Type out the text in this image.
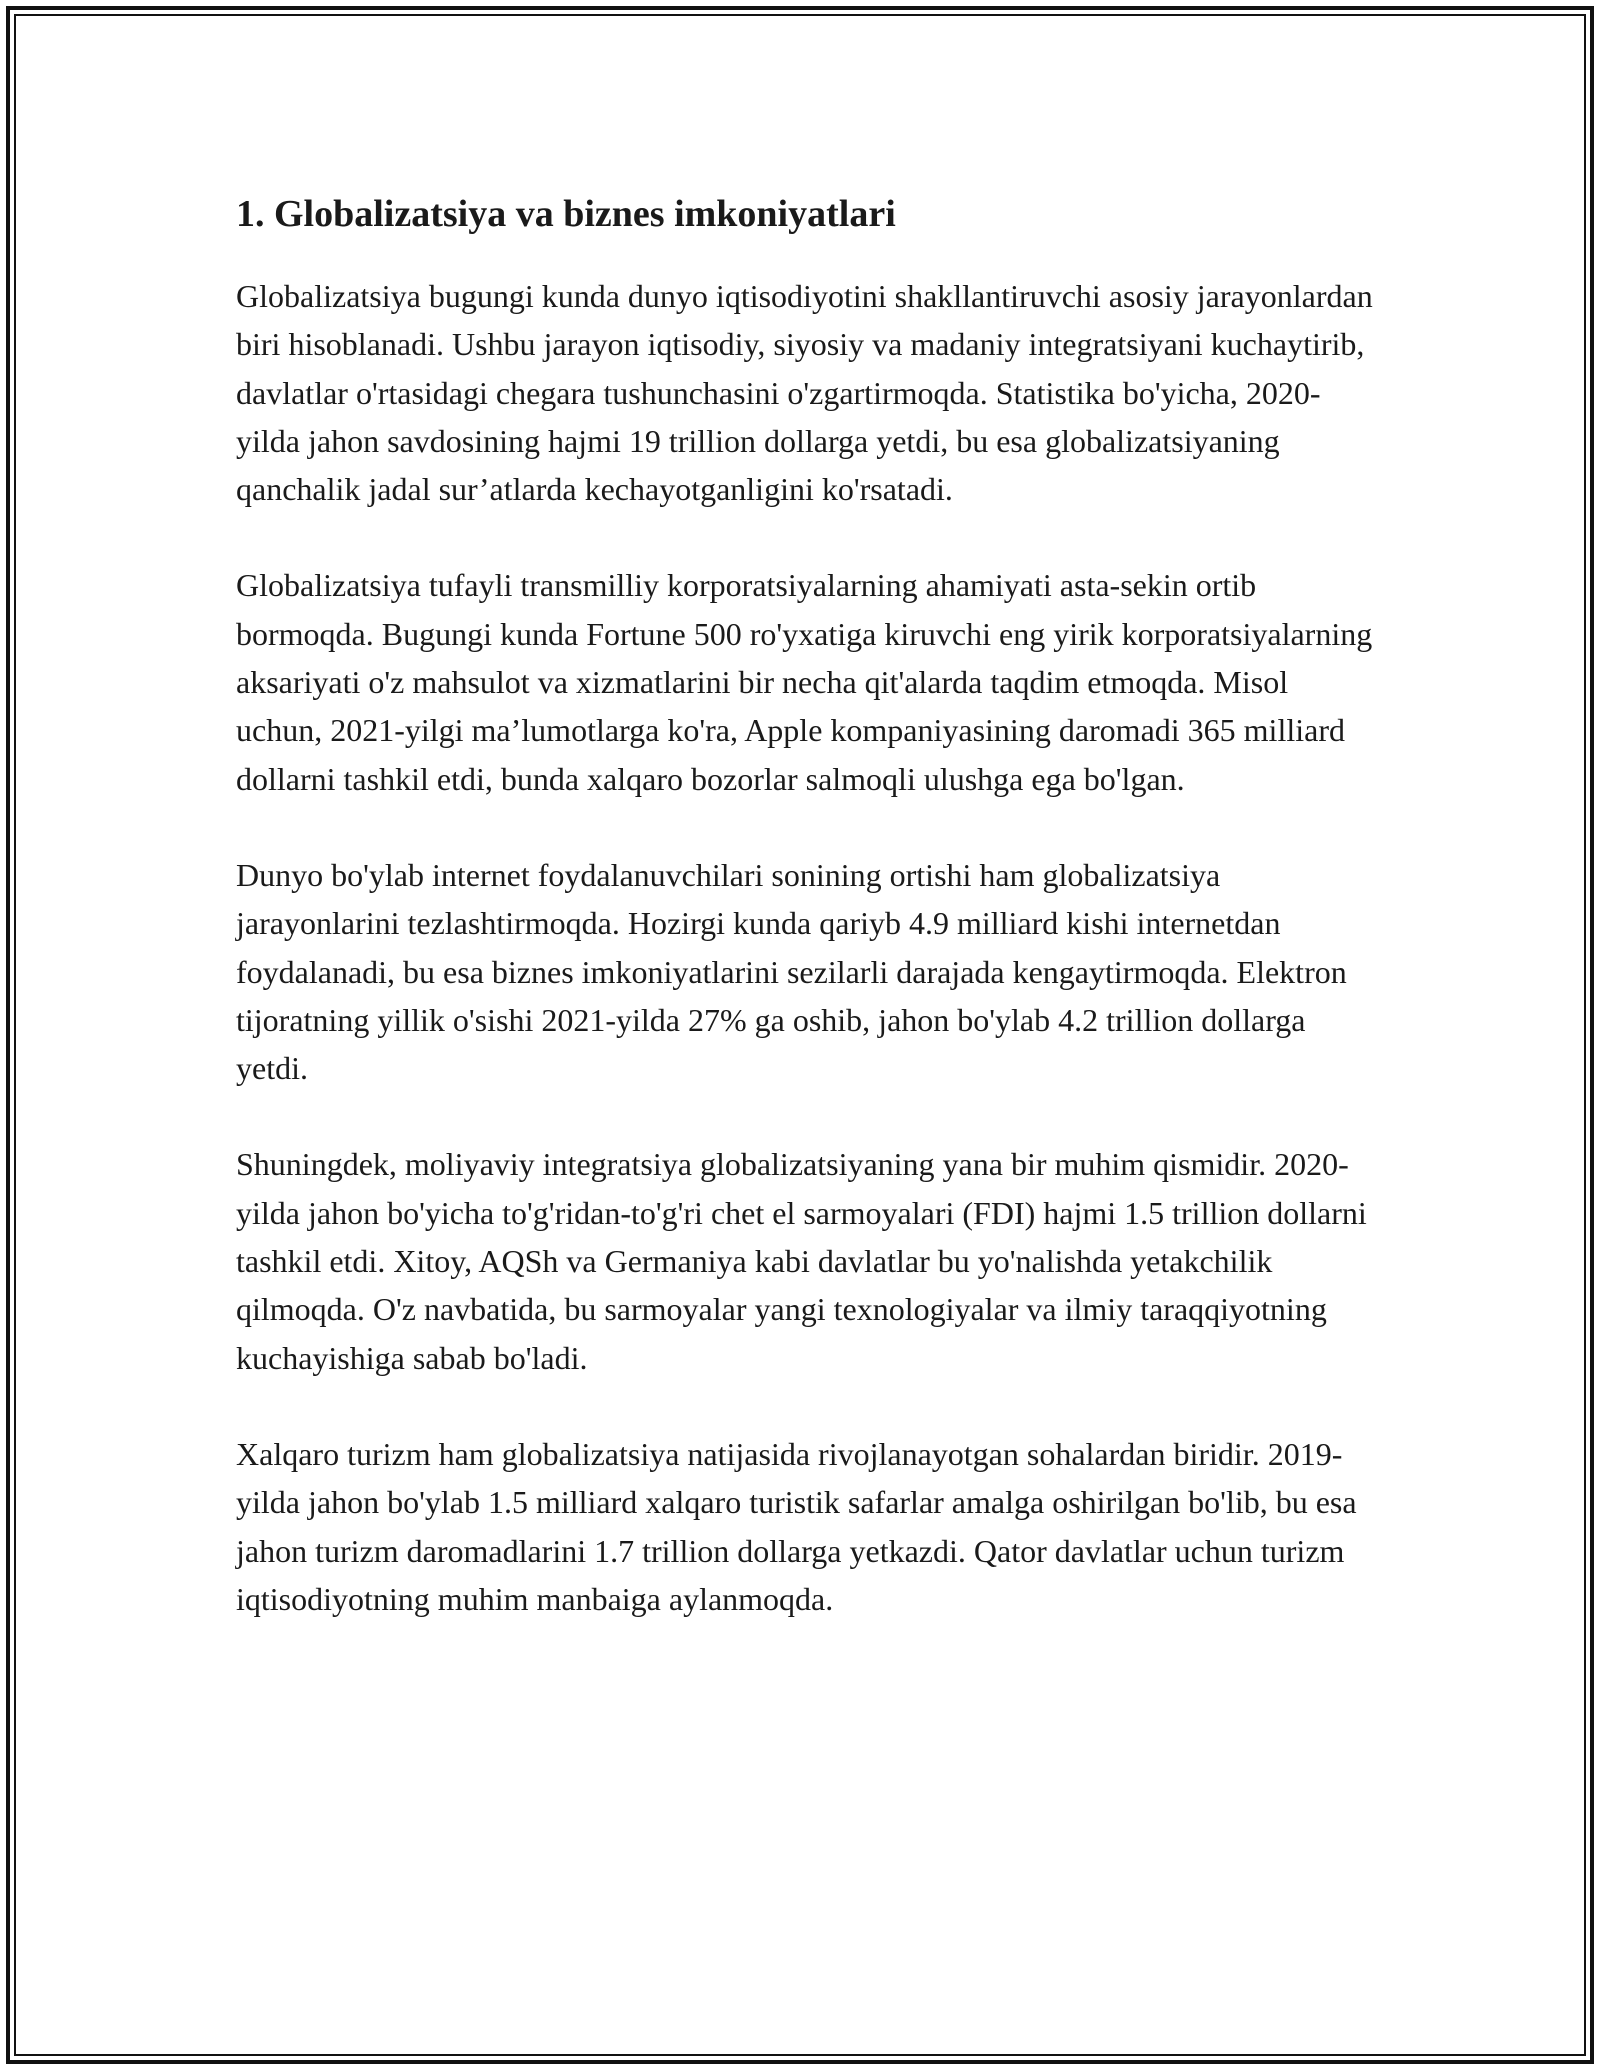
1. Globalizatsiya va biznes imkoniyatlari

Globalizatsiya bugungi kunda dunyo iqtisodiyotini shakllantiruvchi asosiy jarayonlardan biri hisoblanadi. Ushbu jarayon iqtisodiy, siyosiy va madaniy integratsiyani kuchaytirib, davlatlar o'rtasidagi chegara tushunchasini o'zgartirmoqda. Statistika bo'yicha, 2020-yilda jahon savdosining hajmi 19 trillion dollarga yetdi, bu esa globalizatsiyaning qanchalik jadal sur’atlarda kechayotganligini ko'rsatadi.

Globalizatsiya tufayli transmilliy korporatsiyalarning ahamiyati asta-sekin ortib bormoqda. Bugungi kunda Fortune 500 ro'yxatiga kiruvchi eng yirik korporatsiyalarning aksariyati o'z mahsulot va xizmatlarini bir necha qit'alarda taqdim etmoqda. Misol uchun, 2021-yilgi ma’lumotlarga ko'ra, Apple kompaniyasining daromadi 365 milliard dollarni tashkil etdi, bunda xalqaro bozorlar salmoqli ulushga ega bo'lgan.

Dunyo bo'ylab internet foydalanuvchilari sonining ortishi ham globalizatsiya jarayonlarini tezlashtirmoqda. Hozirgi kunda qariyb 4.9 milliard kishi internetdan foydalanadi, bu esa biznes imkoniyatlarini sezilarli darajada kengaytirmoqda. Elektron tijoratning yillik o'sishi 2021-yilda 27% ga oshib, jahon bo'ylab 4.2 trillion dollarga yetdi.

Shuningdek, moliyaviy integratsiya globalizatsiyaning yana bir muhim qismidir. 2020-yilda jahon bo'yicha to'g'ridan-to'g'ri chet el sarmoyalari (FDI) hajmi 1.5 trillion dollarni tashkil etdi. Xitoy, AQSh va Germaniya kabi davlatlar bu yo'nalishda yetakchilik qilmoqda. O'z navbatida, bu sarmoyalar yangi texnologiyalar va ilmiy taraqqiyotning kuchayishiga sabab bo'ladi.

Xalqaro turizm ham globalizatsiya natijasida rivojlanayotgan sohalardan biridir. 2019-yilda jahon bo'ylab 1.5 milliard xalqaro turistik safarlar amalga oshirilgan bo'lib, bu esa jahon turizm daromadlarini 1.7 trillion dollarga yetkazdi. Qator davlatlar uchun turizm iqtisodiyotning muhim manbaiga aylanmoqda.
